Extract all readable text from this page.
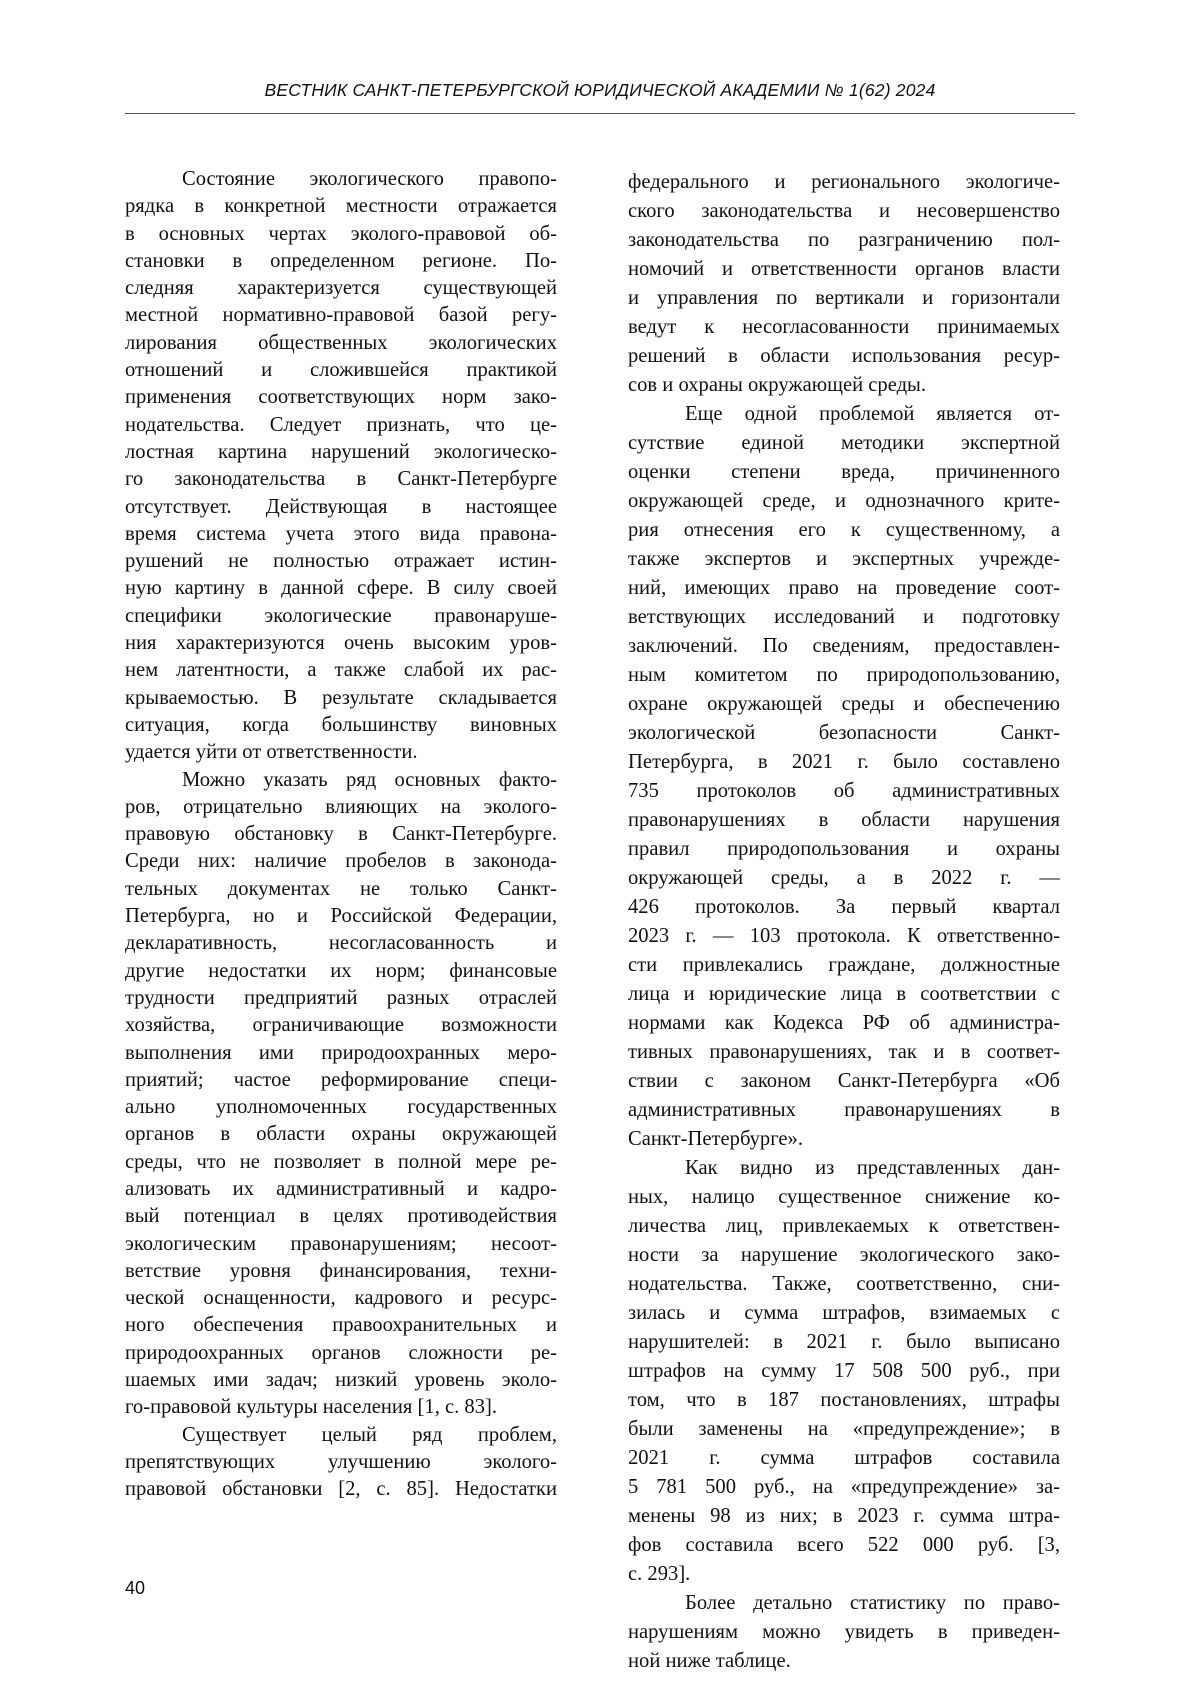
ВЕСТНИК САНКТ-ПЕТЕРБУРГСКОЙ ЮРИДИЧЕСКОЙ АКАДЕМИИ № 1(62) 2024
Состояние экологического правопо-
рядка в конкретной местности отражается
в основных чертах эколого-правовой об-
становки в определенном регионе. По-
следняя характеризуется существующей
местной нормативно-правовой базой регу-
лирования общественных экологических
отношений и сложившейся практикой
применения соответствующих норм зако-
нодательства. Следует признать, что це-
лостная картина нарушений экологическо-
го законодательства в Санкт-Петербурге
отсутствует. Действующая в настоящее
время система учета этого вида правона-
рушений не полностью отражает истин-
ную картину в данной сфере. В силу своей
специфики экологические правонаруше-
ния характеризуются очень высоким уров-
нем латентности, а также слабой их рас-
крываемостью. В результате складывается
ситуация, когда большинству виновных
удается уйти от ответственности.
Можно указать ряд основных факто-
ров, отрицательно влияющих на эколого-
правовую обстановку в Санкт-Петербурге.
Среди них: наличие пробелов в законода-
тельных документах не только Санкт-
Петербурга, но и Российской Федерации,
декларативность, несогласованность и
другие недостатки их норм; финансовые
трудности предприятий разных отраслей
хозяйства, ограничивающие возможности
выполнения ими природоохранных меро-
приятий; частое реформирование специ-
ально уполномоченных государственных
органов в области охраны окружающей
среды, что не позволяет в полной мере ре-
ализовать их административный и кадро-
вый потенциал в целях противодействия
экологическим правонарушениям; несоот-
ветствие уровня финансирования, техни-
ческой оснащенности, кадрового и ресурс-
ного обеспечения правоохранительных и
природоохранных органов сложности ре-
шаемых ими задач; низкий уровень эколо-
го-правовой культуры населения [1, с. 83].
Существует целый ряд проблем,
препятствующих улучшению эколого-
правовой обстановки [2, с. 85]. Недостатки
федерального и регионального экологиче-
ского законодательства и несовершенство
законодательства по разграничению пол-
номочий и ответственности органов власти
и управления по вертикали и горизонтали
ведут к несогласованности принимаемых
решений в области использования ресур-
сов и охраны окружающей среды.
Еще одной проблемой является от-
сутствие единой методики экспертной
оценки степени вреда, причиненного
окружающей среде, и однозначного крите-
рия отнесения его к существенному, а
также экспертов и экспертных учрежде-
ний, имеющих право на проведение соот-
ветствующих исследований и подготовку
заключений. По сведениям, предоставлен-
ным комитетом по природопользованию,
охране окружающей среды и обеспечению
экологической безопасности Санкт-
Петербурга, в 2021 г. было составлено
735 протоколов об административных
правонарушениях в области нарушения
правил природопользования и охраны
окружающей среды, а в 2022 г. —
426 протоколов. За первый квартал
2023 г. — 103 протокола. К ответственно-
сти привлекались граждане, должностные
лица и юридические лица в соответствии с
нормами как Кодекса РФ об администра-
тивных правонарушениях, так и в соответ-
ствии с законом Санкт-Петербурга «Об
административных правонарушениях в
Санкт-Петербурге».
Как видно из представленных дан-
ных, налицо существенное снижение ко-
личества лиц, привлекаемых к ответствен-
ности за нарушение экологического зако-
нодательства. Также, соответственно, сни-
зилась и сумма штрафов, взимаемых с
нарушителей: в 2021 г. было выписано
штрафов на сумму 17 508 500 руб., при
том, что в 187 постановлениях, штрафы
были заменены на «предупреждение»; в
2021 г. сумма штрафов составила
5 781 500 руб., на «предупреждение» за-
менены 98 из них; в 2023 г. сумма штра-
фов составила всего 522 000 руб. [3,
с. 293].
Более детально статистику по право-
нарушениям можно увидеть в приведен-
ной ниже таблице.
40
